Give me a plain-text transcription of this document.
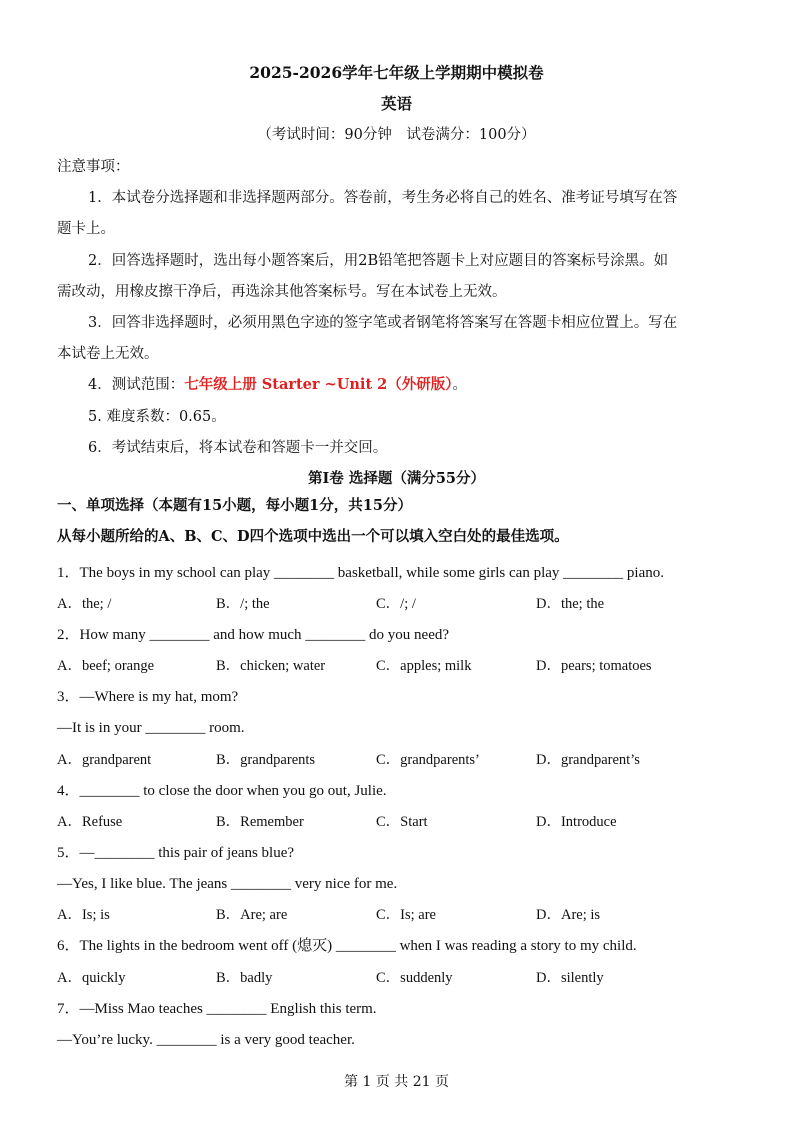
2025-2026学年七年级上学期期中模拟卷
英语
（考试时间：90分钟　试卷满分：100分）
注意事项：
1．本试卷分选择题和非选择题两部分。答卷前，考生务必将自己的姓名、准考证号填写在答
题卡上。
2．回答选择题时，选出每小题答案后，用2B铅笔把答题卡上对应题目的答案标号涂黑。如
需改动，用橡皮擦干净后，再选涂其他答案标号。写在本试卷上无效。
3．回答非选择题时，必须用黑色字迹的签字笔或者钢笔将答案写在答题卡相应位置上。写在
本试卷上无效。
4．测试范围：七年级上册 Starter ~Unit 2（外研版）。
5. 难度系数：0.65。
6．考试结束后，将本试卷和答题卡一并交回。
第Ⅰ卷 选择题（满分55分）
一、单项选择（本题有15小题，每小题1分，共15分）
从每小题所给的A、B、C、D四个选项中选出一个可以填入空白处的最佳选项。
1．The boys in my school can play ________ basketball, while some girls can play ________ piano.
A．the; /	B．/; the	C．/; /	D．the; the
2．How many ________ and how much ________ do you need?
A．beef; orange	B．chicken; water	C．apples; milk	D．pears; tomatoes
3．—Where is my hat, mom?
—It is in your ________ room.
A．grandparent	B．grandparents	C．grandparents’	D．grandparent’s
4．________ to close the door when you go out, Julie.
A．Refuse	B．Remember	C．Start	D．Introduce
5．—________ this pair of jeans blue?
—Yes, I like blue. The jeans ________ very nice for me.
A．Is; is	B．Are; are	C．Is; are	D．Are; is
6．The lights in the bedroom went off (熄灭) ________ when I was reading a story to my child.
A．quickly	B．badly	C．suddenly	D．silently
7．—Miss Mao teaches ________ English this term.
—You’re lucky. ________ is a very good teacher.
第 1 页 共 21 页
